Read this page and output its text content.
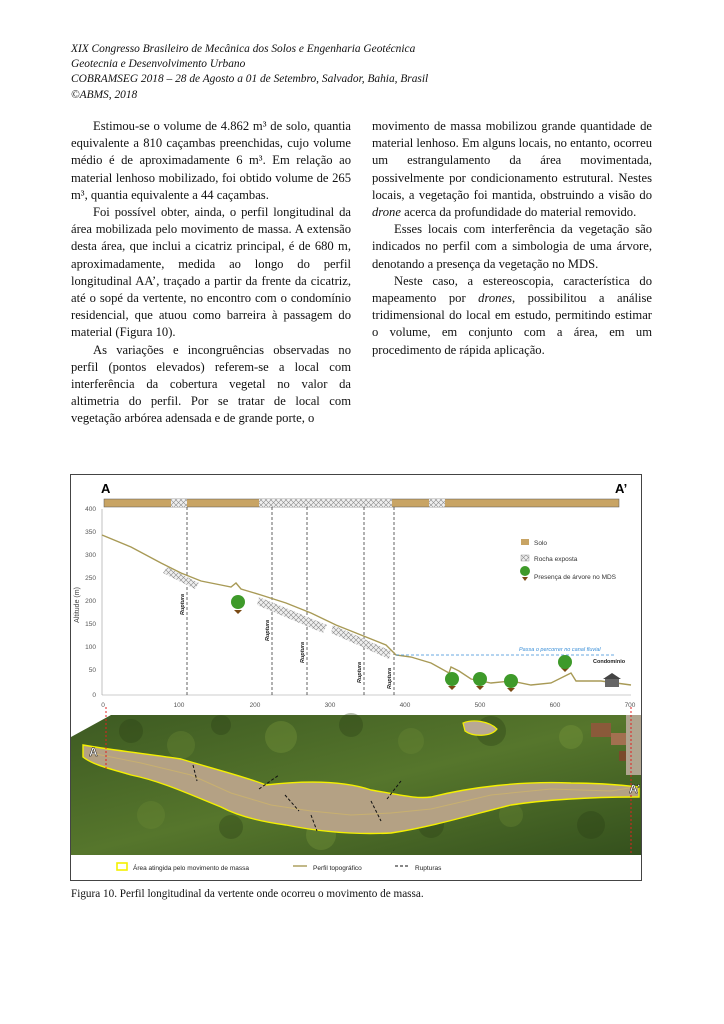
XIX Congresso Brasileiro de Mecânica dos Solos e Engenharia Geotécnica
Geotecnia e Desenvolvimento Urbano
COBRAMSEG 2018 – 28 de Agosto a 01 de Setembro, Salvador, Bahia, Brasil
©ABMS, 2018

Estimou-se o volume de 4.862 m³ de solo, quantia equivalente a 810 caçambas preenchidas, cujo volume médio é de aproximadamente 6 m³. Em relação ao material lenhoso mobilizado, foi obtido volume de 265 m³, quantia equivalente a 44 caçambas.

Foi possível obter, ainda, o perfil longitudinal da área mobilizada pelo movimento de massa. A extensão desta área, que inclui a cicatriz principal, é de 680 m, aproximadamente, medida ao longo do perfil longitudinal AA’, traçado a partir da frente da cicatriz, até o sopé da vertente, no encontro com o condomínio residencial, que atuou como barreira à passagem do material (Figura 10).

As variações e incongruências observadas no perfil (pontos elevados) referem-se a local com interferência da cobertura vegetal no valor da altimetria do perfil. Por se tratar de local com vegetação arbórea adensada e de grande porte, o

movimento de massa mobilizou grande quantidade de material lenhoso. Em alguns locais, no entanto, ocorreu um estrangulamento da área movimentada, possivelmente por condicionamento estrutural. Nestes locais, a vegetação foi mantida, obstruindo a visão do drone acerca da profundidade do material removido.

Esses locais com interferência da vegetação são indicados no perfil com a simbologia de uma árvore, denotando a presença da vegetação no MDS.

Neste caso, a estereoscopia, característica do mapeamento por drones, possibilitou a análise tridimensional do local em estudo, permitindo estimar o volume, em conjunto com a área, em um procedimento de rápida aplicação.

A	A’
Altitude (m)
400
350
300
250
200
150
100
50
0
0	100	200	300	400	500	600	700
Ruptura
Ruptura
Ruptura
Ruptura	Ruptura
Passa o percorrer no canal fluvial
Condomínio
Solo
Rocha exposta
Presença de árvore no MDS
A
A’
Área atingida pelo movimento de massa	Perfil topográfico	Rupturas
Figura 10. Perfil longitudinal da vertente onde ocorreu o movimento de massa.
